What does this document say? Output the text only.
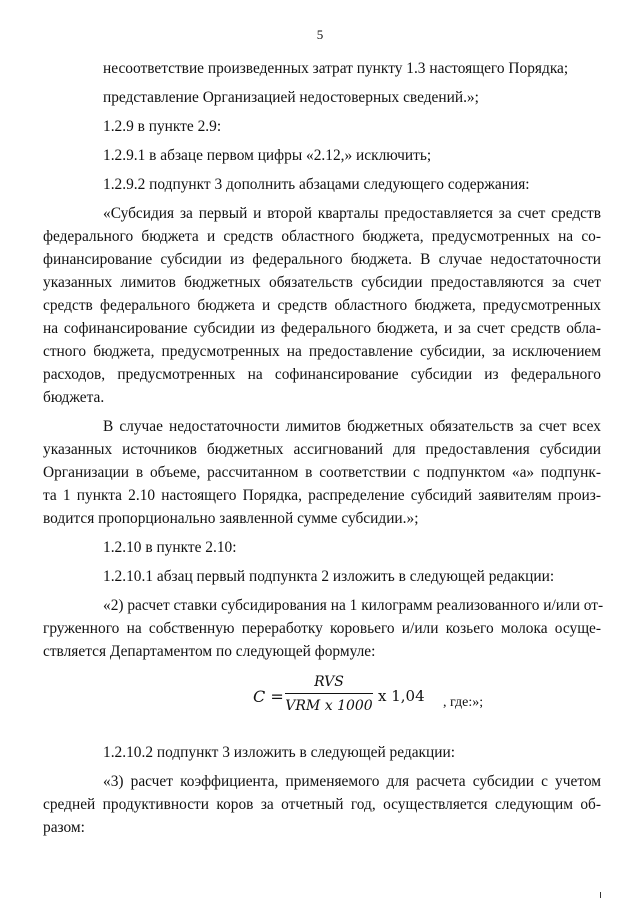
5
несоответствие произведенных затрат пункту 1.3 настоящего Порядка;
представление Организацией недостоверных сведений.»;
1.2.9 в пункте 2.9:
1.2.9.1 в абзаце первом цифры «2.12,» исключить;
1.2.9.2 подпункт 3 дополнить абзацами следующего содержания:
«Субсидия за первый и второй кварталы предоставляется за счет средств
федерального бюджета и средств областного бюджета, предусмотренных на со-
финансирование субсидии из федерального бюджета. В случае недостаточности
указанных лимитов бюджетных обязательств субсидии предоставляются за счет
средств федерального бюджета и средств областного бюджета, предусмотренных
на софинансирование субсидии из федерального бюджета, и за счет средств обла-
стного бюджета, предусмотренных на предоставление субсидии, за исключением
расходов, предусмотренных на софинансирование субсидии из федерального
бюджета.
В случае недостаточности лимитов бюджетных обязательств за счет всех
указанных источников бюджетных ассигнований для предоставления субсидии
Организации в объеме, рассчитанном в соответствии с подпунктом «а» подпунк-
та 1 пункта 2.10 настоящего Порядка, распределение субсидий заявителям произ-
водится пропорционально заявленной сумме субсидии.»;
1.2.10 в пункте 2.10:
1.2.10.1 абзац первый подпункта 2 изложить в следующей редакции:
«2) расчет ставки субсидирования на 1 килограмм реализованного и/или от-
груженного на собственную переработку коровьего и/или козьего молока осуще-
ствляется Департаментом по следующей формуле:
C =
RVS
VRM x 1000
x 1,04 , где:»;
1.2.10.2 подпункт 3 изложить в следующей редакции:
«3) расчет коэффициента, применяемого для расчета субсидии с учетом
средней продуктивности коров за отчетный год, осуществляется следующим об-
разом:
